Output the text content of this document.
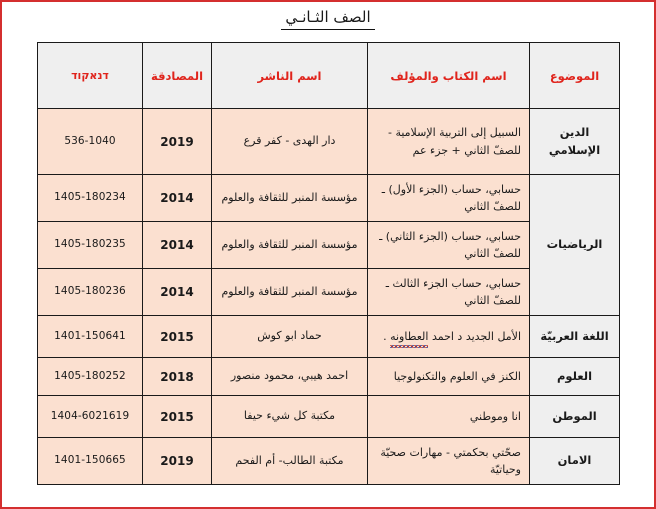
الصف الثـانـي
الموضوع	اسم الكتاب والمؤلف	اسم الناشر	المصادقة	דנאקוד
الدين
الإسلامي	السبيل إلى التربية الإسلامية - للصفّ الثاني + جزء عم	دار الهدى - كفر قرع	2019	536-1040
الرياضيات	حسابي، حساب (الجزء الأول) ـ للصفّ الثاني	مؤسسة المنبر للثقافة والعلوم	2014	1405-180234
	حسابي، حساب (الجزء الثاني) ـ للصفّ الثاني	مؤسسة المنبر للثقافة والعلوم	2014	1405-180235
	حسابي، حساب الجزء الثالث ـ للصفّ الثاني	مؤسسة المنبر للثقافة والعلوم	2014	1405-180236
اللغة العربيّة	الأمل الجديد د احمد العطاونه .	حماد ابو كوش	2015	1401-150641
العلوم	الكنز في العلوم والتكنولوجيا	احمد هيبي، محمود منصور	2018	1405-180252
الموطن	انا وموطني	مكتبة كل شيء حيفا	2015	1404-6021619
الامان	صحّتي بحكمتي - مهارات صحيّة وحياتيّة	مكتبة الطالب- أم الفحم	2019	1401-150665
